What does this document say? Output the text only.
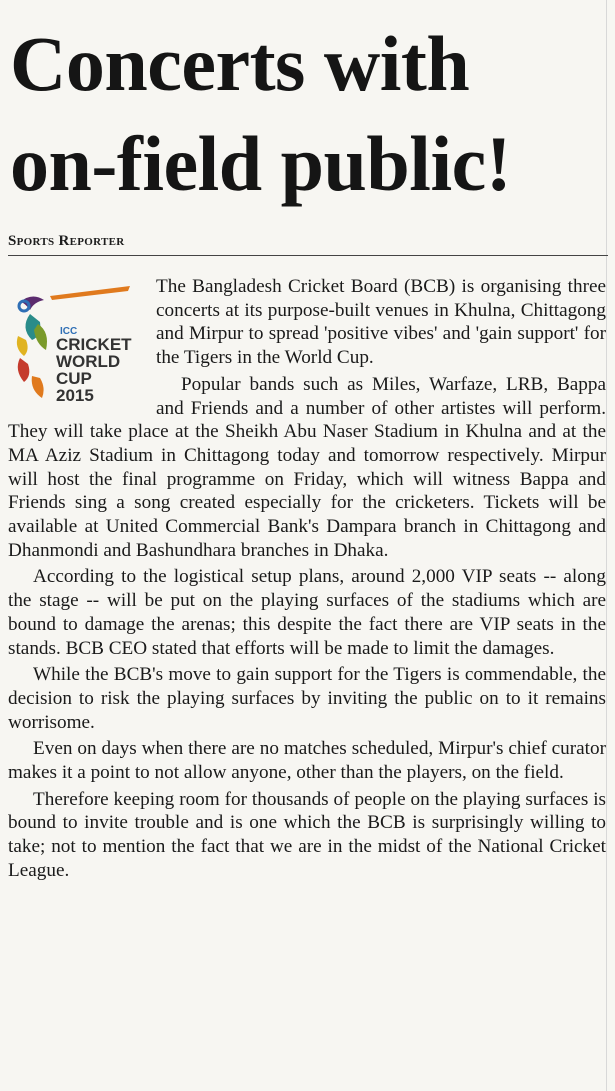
Concerts with
on-field public!
Sports Reporter
ICC
CRICKET
WORLD
CUP
2015

The Bangladesh Cricket Board (BCB) is organising three concerts at its purpose-built venues in Khulna, Chittagong and Mirpur to spread 'positive vibes' and 'gain support' for the Tigers in the World Cup.

Popular bands such as Miles, Warfaze, LRB, Bappa and Friends and a number of other artistes will perform. They will take place at the Sheikh Abu Naser Stadium in Khulna and at the MA Aziz Stadium in Chittagong today and tomorrow respectively. Mirpur will host the final programme on Friday, which will witness Bappa and Friends sing a song created especially for the cricketers. Tickets will be available at United Commercial Bank's Dampara branch in Chittagong and Dhanmondi and Bashundhara branches in Dhaka.

According to the logistical setup plans, around 2,000 VIP seats -- along the stage -- will be put on the playing surfaces of the stadiums which are bound to damage the arenas; this despite the fact there are VIP seats in the stands. BCB CEO stated that efforts will be made to limit the damages.

While the BCB's move to gain support for the Tigers is commendable, the decision to risk the playing surfaces by inviting the public on to it remains worrisome.

Even on days when there are no matches scheduled, Mirpur's chief curator makes it a point to not allow anyone, other than the players, on the field.

Therefore keeping room for thousands of people on the playing surfaces is bound to invite trouble and is one which the BCB is surprisingly willing to take; not to mention the fact that we are in the midst of the National Cricket League.
